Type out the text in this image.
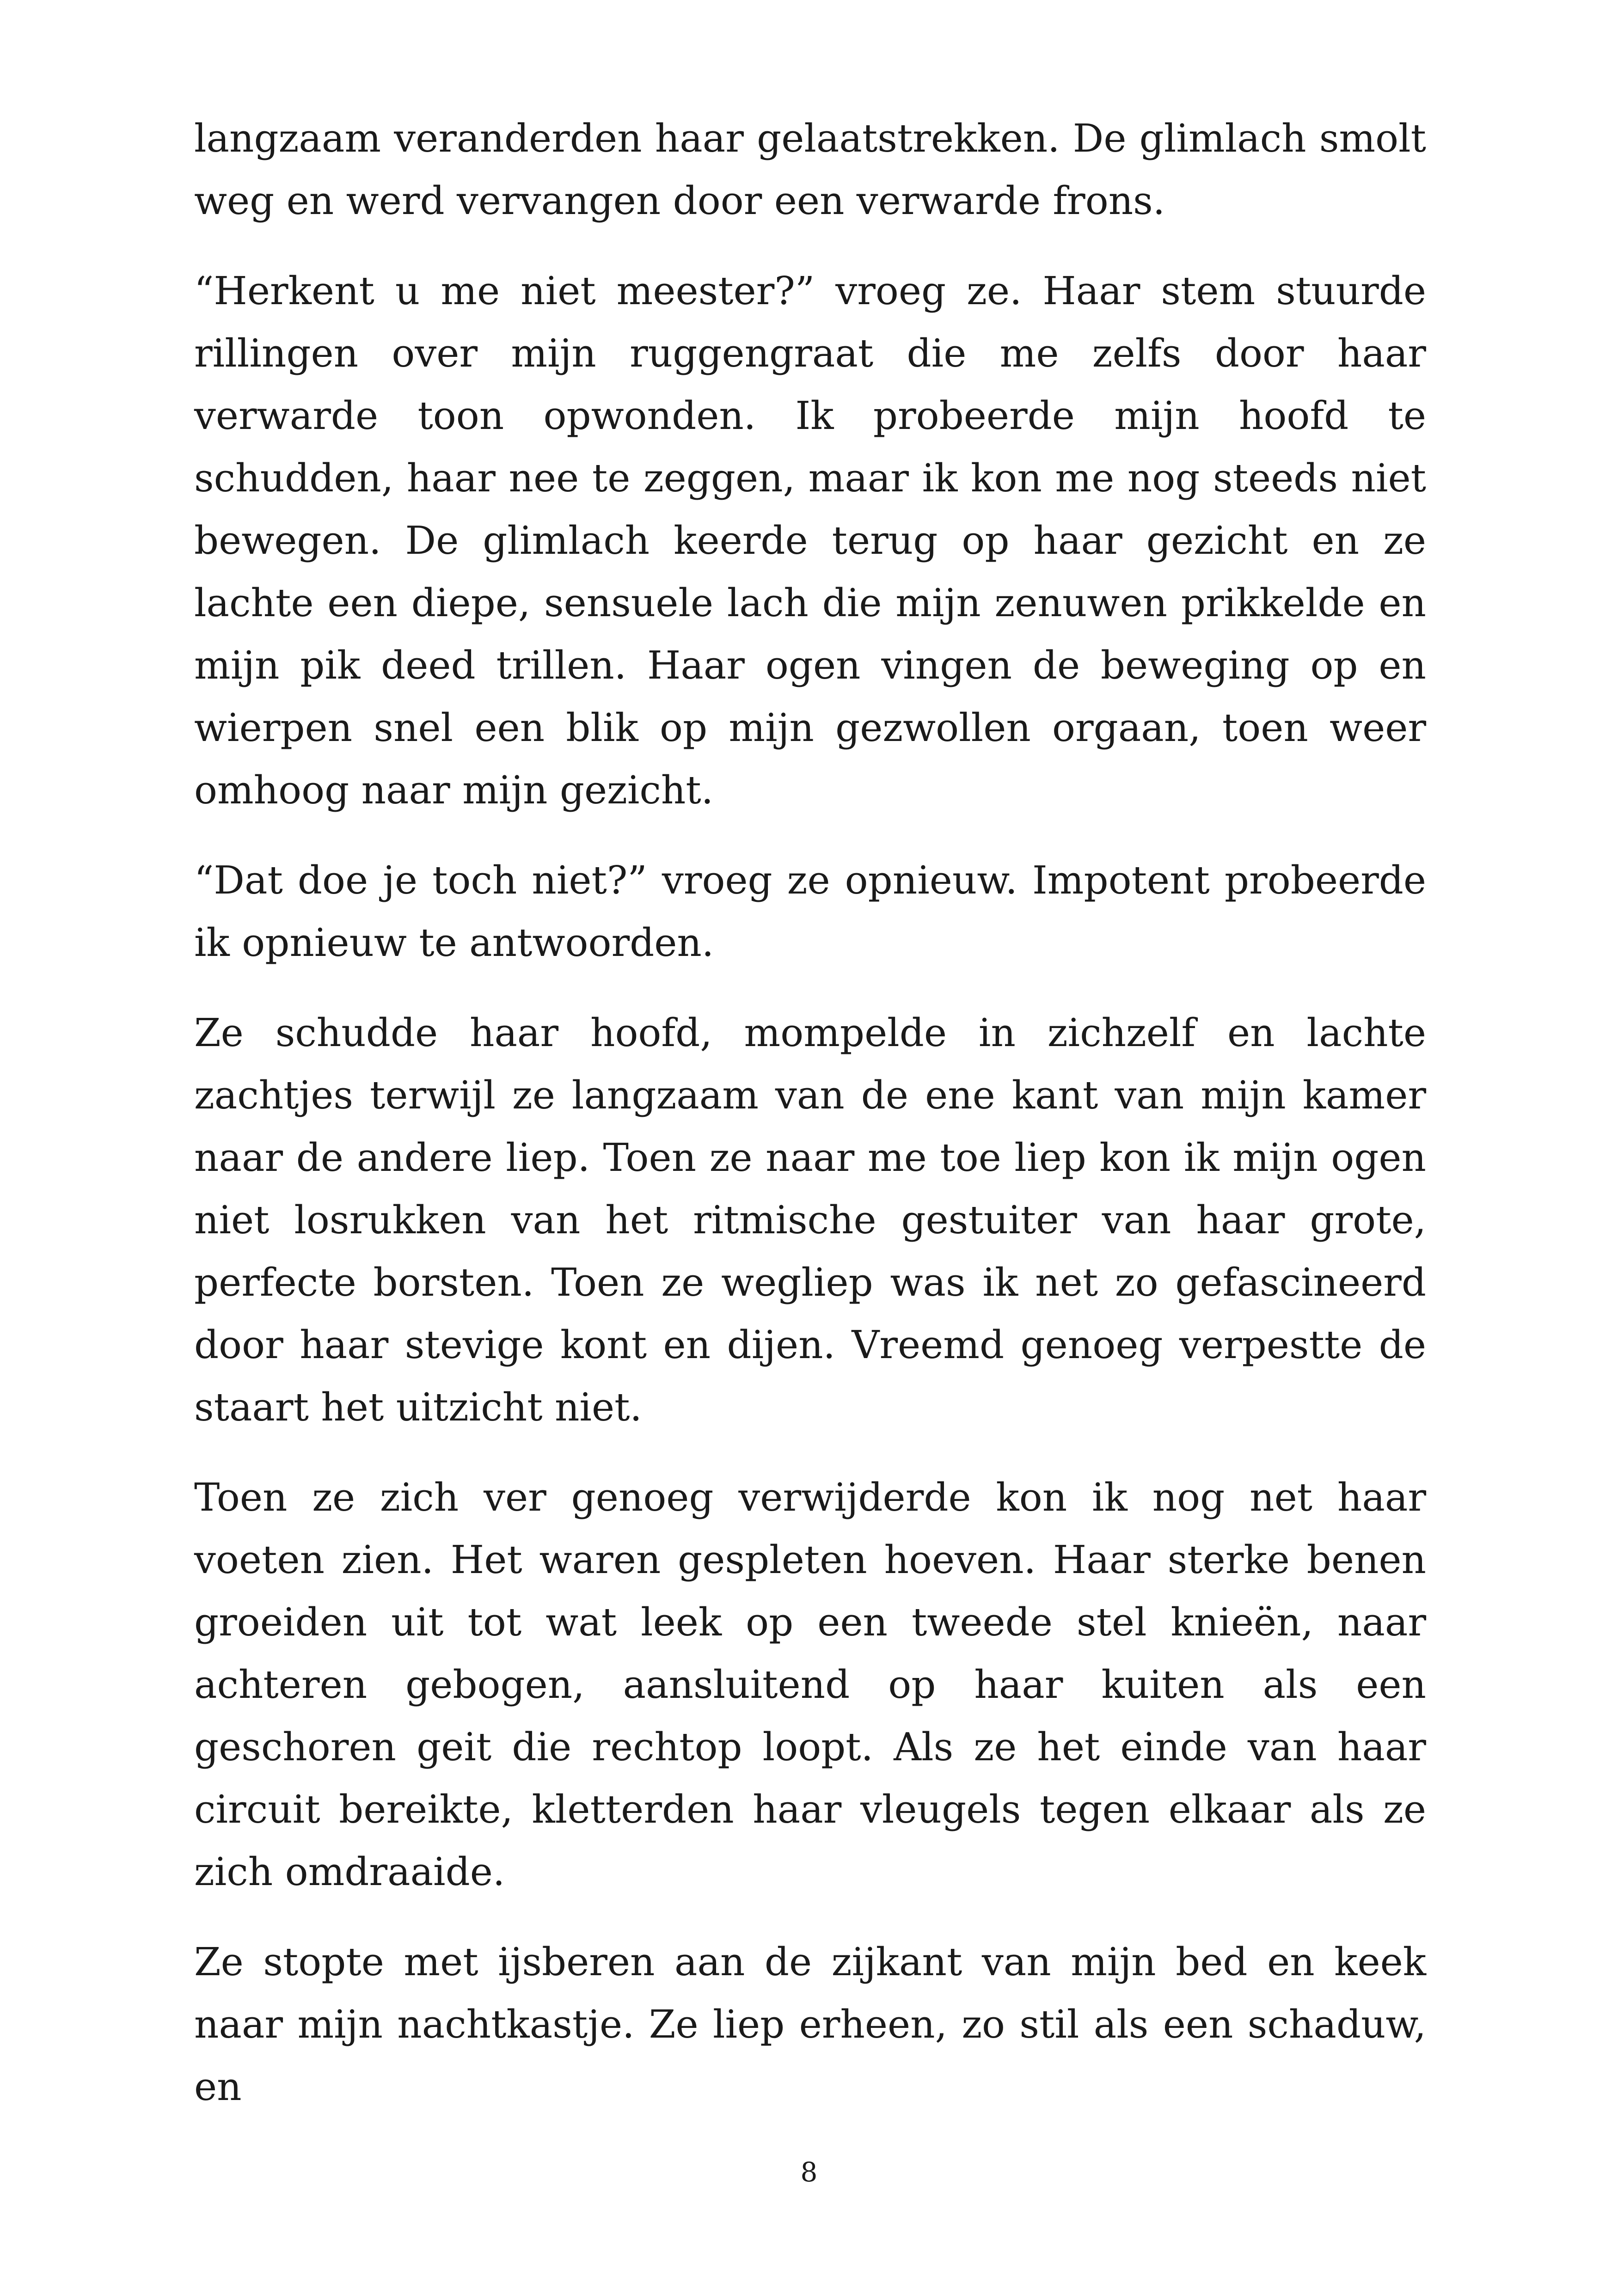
langzaam veranderden haar gelaatstrekken. De glimlach smolt weg en werd vervangen door een verwarde frons.

“Herkent u me niet meester?” vroeg ze. Haar stem stuurde rillingen over mijn ruggengraat die me zelfs door haar verwarde toon opwonden. Ik probeerde mijn hoofd te schudden, haar nee te zeggen, maar ik kon me nog steeds niet bewegen. De glimlach keerde terug op haar gezicht en ze lachte een diepe, sensuele lach die mijn zenuwen prikkelde en mijn pik deed trillen. Haar ogen vingen de beweging op en wierpen snel een blik op mijn gezwollen orgaan, toen weer omhoog naar mijn gezicht.

“Dat doe je toch niet?” vroeg ze opnieuw. Impotent probeerde ik opnieuw te antwoorden.

Ze schudde haar hoofd, mompelde in zichzelf en lachte zachtjes terwijl ze langzaam van de ene kant van mijn kamer naar de andere liep. Toen ze naar me toe liep kon ik mijn ogen niet losrukken van het ritmische gestuiter van haar grote, perfecte borsten. Toen ze wegliep was ik net zo gefascineerd door haar stevige kont en dijen. Vreemd genoeg verpestte de staart het uitzicht niet.

Toen ze zich ver genoeg verwijderde kon ik nog net haar voeten zien. Het waren gespleten hoeven. Haar sterke benen groeiden uit tot wat leek op een tweede stel knieën, naar achteren gebogen, aansluitend op haar kuiten als een geschoren geit die rechtop loopt. Als ze het einde van haar circuit bereikte, kletterden haar vleugels tegen elkaar als ze zich omdraaide.

Ze stopte met ijsberen aan de zijkant van mijn bed en keek naar mijn nachtkastje. Ze liep erheen, zo stil als een schaduw, en

8
